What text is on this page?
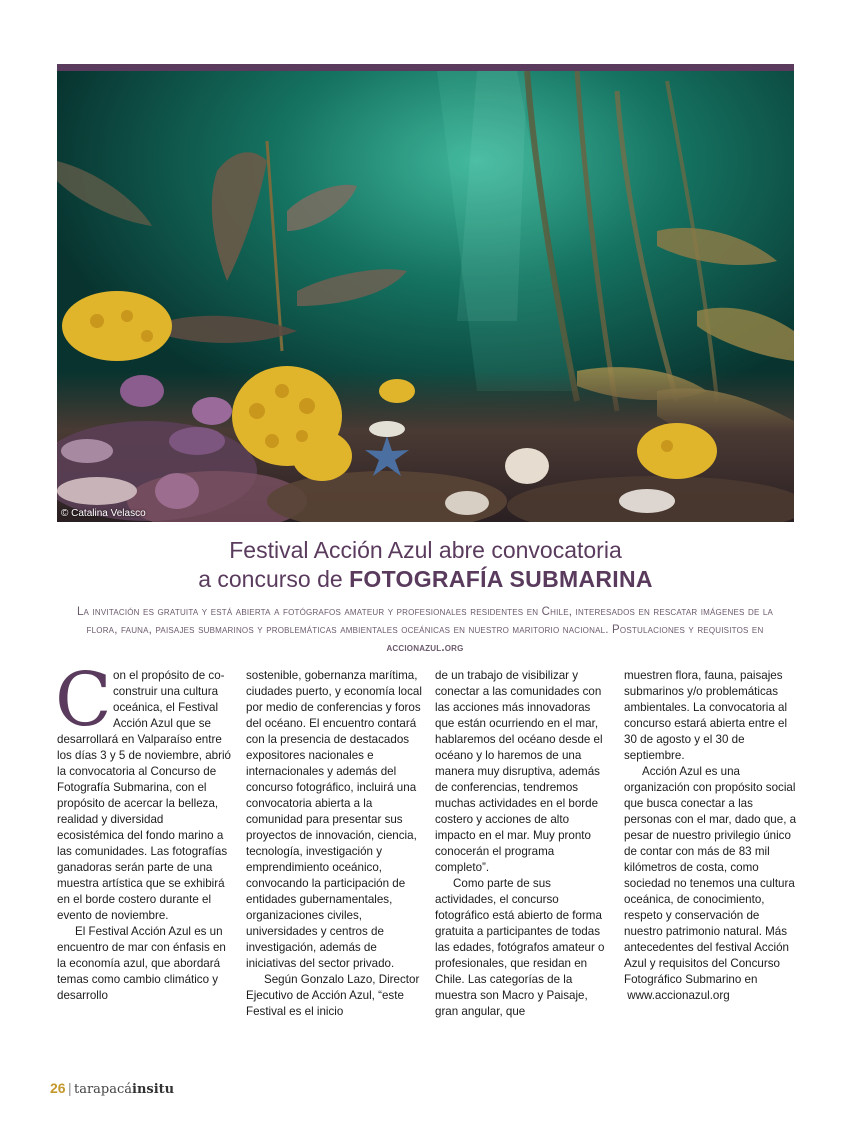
© Catalina Velasco
Festival Acción Azul abre convocatoria
a concurso de FOTOGRAFÍA SUBMARINA

La invitación es gratuita y está abierta a fotógrafos amateur y profesionales residentes en Chile, interesados en rescatar imágenes de la flora, fauna, paisajes submarinos y problemáticas ambientales oceánicas en nuestro maritorio nacional. Postulaciones y requisitos en accionazul.org

Con el propósito de co-construir una cultura oceánica, el Festival Acción Azul que se desarrollará en Valparaíso entre los días 3 y 5 de noviembre, abrió la convocatoria al Concurso de Fotografía Submarina, con el propósito de acercar la belleza, realidad y diversidad ecosistémica del fondo marino a las comunidades. Las fotografías ganadoras serán parte de una muestra artística que se exhibirá en el borde costero durante el evento de noviembre.

El Festival Acción Azul es un encuentro de mar con énfasis en la economía azul, que abordará temas como cambio climático y desarrollo

sostenible, gobernanza marítima, ciudades puerto, y economía local por medio de conferencias y foros del océano. El encuentro contará con la presencia de destacados expositores nacionales e internacionales y además del concurso fotográfico, incluirá una convocatoria abierta a la comunidad para presentar sus proyectos de innovación, ciencia, tecnología, investigación y emprendimiento oceánico, convocando la participación de entidades gubernamentales, organizaciones civiles, universidades y centros de investigación, además de iniciativas del sector privado.

Según Gonzalo Lazo, Director Ejecutivo de Acción Azul, “este Festival es el inicio

de un trabajo de visibilizar y conectar a las comunidades con las acciones más innovadoras que están ocurriendo en el mar, hablaremos del océano desde el océano y lo haremos de una manera muy disruptiva, además de conferencias, tendremos muchas actividades en el borde costero y acciones de alto impacto en el mar. Muy pronto conocerán el programa completo”.

Como parte de sus actividades, el concurso fotográfico está abierto de forma gratuita a participantes de todas las edades, fotógrafos amateur o profesionales, que residan en Chile. Las categorías de la muestra son Macro y Paisaje, gran angular, que

muestren flora, fauna, paisajes submarinos y/o problemáticas ambientales. La convocatoria al concurso estará abierta entre el 30 de agosto y el 30 de septiembre.

Acción Azul es una organización con propósito social que busca conectar a las personas con el mar, dado que, a pesar de nuestro privilegio único de contar con más de 83 mil kilómetros de costa, como sociedad no tenemos una cultura oceánica, de conocimiento, respeto y conservación de nuestro patrimonio natural. Más antecedentes del festival Acción Azul y requisitos del Concurso Fotográfico Submarino en
www.accionazul.org

26 | tarapacáinsitu
